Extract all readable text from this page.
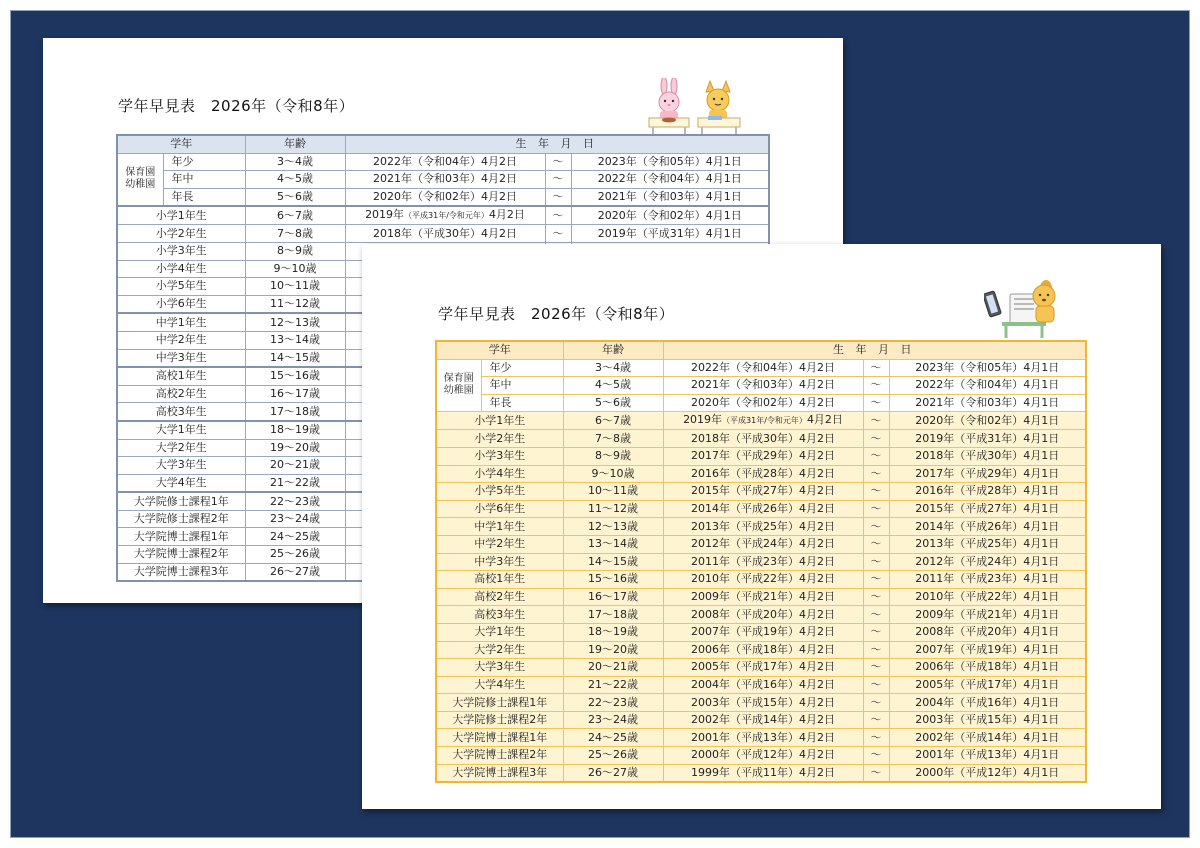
学年早見表　2026年（令和8年）
学年		年齢	生 年 月 日		
保育園
幼稚園	年少	3～4歳	2022年（令和04年）4月2日	～	2023年（令和05年）4月1日
	年中	4～5歳	2021年（令和03年）4月2日	～	2022年（令和04年）4月1日
	年長	5～6歳	2020年（令和02年）4月2日	～	2021年（令和03年）4月1日
小学1年生		6～7歳	2019年（平成31年/令和元年）4月2日	～	2020年（令和02年）4月1日
小学2年生		7～8歳	2018年（平成30年）4月2日	～	2019年（平成31年）4月1日
小学3年生		8～9歳			
小学4年生		9～10歳			
小学5年生		10～11歳			
小学6年生		11～12歳			
中学1年生		12～13歳			
中学2年生		13～14歳			
中学3年生		14～15歳			
高校1年生		15～16歳			
高校2年生		16～17歳			
高校3年生		17～18歳			
大学1年生		18～19歳			
大学2年生		19～20歳			
大学3年生		20～21歳			
大学4年生		21～22歳			
大学院修士課程1年		22～23歳			
大学院修士課程2年		23～24歳			
大学院博士課程1年		24～25歳			
大学院博士課程2年		25～26歳			
大学院博士課程3年		26～27歳			
学年早見表　2026年（令和8年）
学年		年齢	生 年 月 日		
保育園
幼稚園	年少	3～4歳	2022年（令和04年）4月2日	～	2023年（令和05年）4月1日
	年中	4～5歳	2021年（令和03年）4月2日	～	2022年（令和04年）4月1日
	年長	5～6歳	2020年（令和02年）4月2日	～	2021年（令和03年）4月1日
小学1年生		6～7歳	2019年（平成31年/令和元年）4月2日	～	2020年（令和02年）4月1日
小学2年生		7～8歳	2018年（平成30年）4月2日	～	2019年（平成31年）4月1日
小学3年生		8～9歳	2017年（平成29年）4月2日	～	2018年（平成30年）4月1日
小学4年生		9～10歳	2016年（平成28年）4月2日	～	2017年（平成29年）4月1日
小学5年生		10～11歳	2015年（平成27年）4月2日	～	2016年（平成28年）4月1日
小学6年生		11～12歳	2014年（平成26年）4月2日	～	2015年（平成27年）4月1日
中学1年生		12～13歳	2013年（平成25年）4月2日	～	2014年（平成26年）4月1日
中学2年生		13～14歳	2012年（平成24年）4月2日	～	2013年（平成25年）4月1日
中学3年生		14～15歳	2011年（平成23年）4月2日	～	2012年（平成24年）4月1日
高校1年生		15～16歳	2010年（平成22年）4月2日	～	2011年（平成23年）4月1日
高校2年生		16～17歳	2009年（平成21年）4月2日	～	2010年（平成22年）4月1日
高校3年生		17～18歳	2008年（平成20年）4月2日	～	2009年（平成21年）4月1日
大学1年生		18～19歳	2007年（平成19年）4月2日	～	2008年（平成20年）4月1日
大学2年生		19～20歳	2006年（平成18年）4月2日	～	2007年（平成19年）4月1日
大学3年生		20～21歳	2005年（平成17年）4月2日	～	2006年（平成18年）4月1日
大学4年生		21～22歳	2004年（平成16年）4月2日	～	2005年（平成17年）4月1日
大学院修士課程1年		22～23歳	2003年（平成15年）4月2日	～	2004年（平成16年）4月1日
大学院修士課程2年		23～24歳	2002年（平成14年）4月2日	～	2003年（平成15年）4月1日
大学院博士課程1年		24～25歳	2001年（平成13年）4月2日	～	2002年（平成14年）4月1日
大学院博士課程2年		25～26歳	2000年（平成12年）4月2日	～	2001年（平成13年）4月1日
大学院博士課程3年		26～27歳	1999年（平成11年）4月2日	～	2000年（平成12年）4月1日
